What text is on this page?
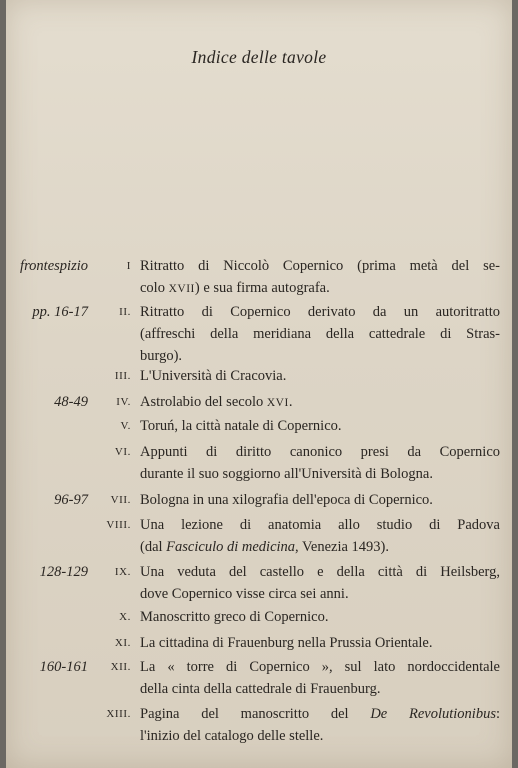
Indice delle tavole
frontespizio	I Ritratto di Niccolò Copernico (prima metà del se-
colo XVII) e sua firma autografa.
pp. 16-17	II. Ritratto di Copernico derivato da un autoritratto
(affreschi della meridiana della cattedrale di Stras-
burgo).
III. L'Università di Cracovia.
48-49	IV. Astrolabio del secolo XVI.
V. Toruń, la città natale di Copernico.
VI. Appunti di diritto canonico presi da Copernico
durante il suo soggiorno all'Università di Bologna.
96-97 VII. Bologna in una xilografia dell'epoca di Copernico.
VIII. Una lezione di anatomia allo studio di Padova
(dal Fasciculo di medicina, Venezia 1493).
128-129 IX. Una veduta del castello e della città di Heilsberg,
dove Copernico visse circa sei anni.
X. Manoscritto greco di Copernico.
XI. La cittadina di Frauenburg nella Prussia Orientale.
160-161 XII. La « torre di Copernico », sul lato nordoccidentale
della cinta della cattedrale di Frauenburg.
XIII. Pagina del manoscritto del De Revolutionibus:
l'inizio del catalogo delle stelle.
